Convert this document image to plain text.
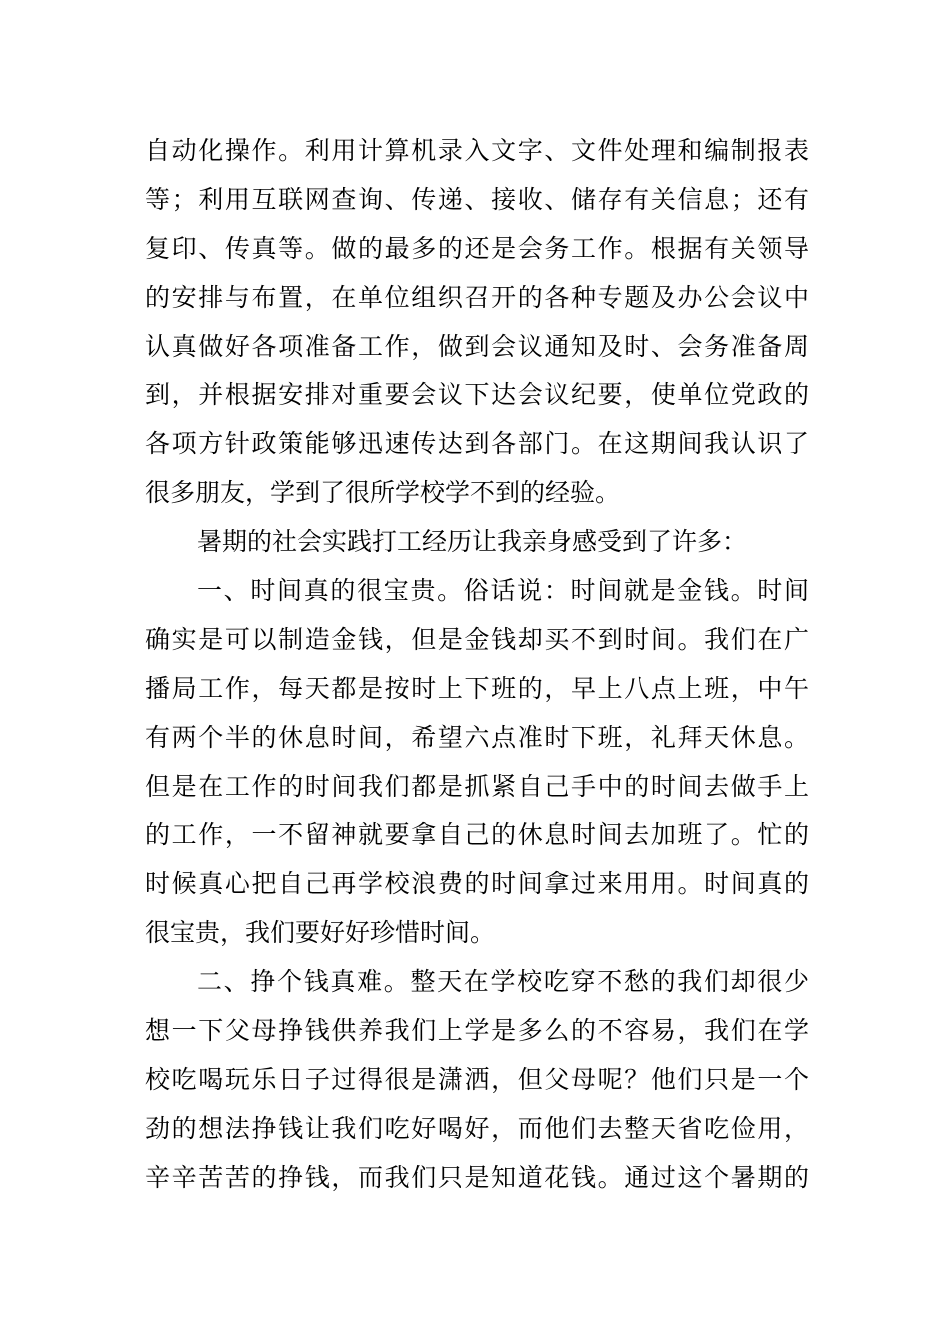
自动化操作。利用计算机录入文字、文件处理和编制报表
等；利用互联网查询、传递、接收、储存有关信息；还有
复印、传真等。做的最多的还是会务工作。根据有关领导
的安排与布置，在单位组织召开的各种专题及办公会议中
认真做好各项准备工作，做到会议通知及时、会务准备周
到，并根据安排对重要会议下达会议纪要，使单位党政的
各项方针政策能够迅速传达到各部门。在这期间我认识了
很多朋友，学到了很所学校学不到的经验。
暑期的社会实践打工经历让我亲身感受到了许多：
一、时间真的很宝贵。俗话说：时间就是金钱。时间
确实是可以制造金钱，但是金钱却买不到时间。我们在广
播局工作，每天都是按时上下班的，早上八点上班，中午
有两个半的休息时间，希望六点准时下班，礼拜天休息。
但是在工作的时间我们都是抓紧自己手中的时间去做手上
的工作，一不留神就要拿自己的休息时间去加班了。忙的
时候真心把自己再学校浪费的时间拿过来用用。时间真的
很宝贵，我们要好好珍惜时间。
二、挣个钱真难。整天在学校吃穿不愁的我们却很少
想一下父母挣钱供养我们上学是多么的不容易，我们在学
校吃喝玩乐日子过得很是潇洒，但父母呢？他们只是一个
劲的想法挣钱让我们吃好喝好，而他们去整天省吃俭用，
辛辛苦苦的挣钱，而我们只是知道花钱。通过这个暑期的
